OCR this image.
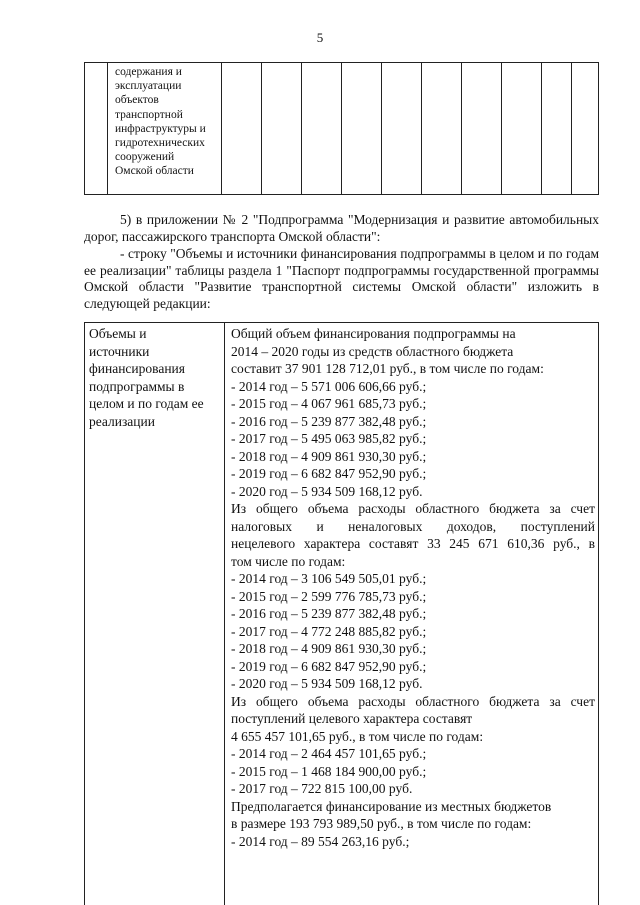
5
содержания и
эксплуатации
объектов
транспортной
инфраструктуры и
гидротехнических
сооружений
Омской области
5) в приложении № 2 "Подпрограмма "Модернизация и развитие автомобильных дорог, пассажирского транспорта Омской области":
- строку "Объемы и источники финансирования подпрограммы в целом и по годам ее реализации" таблицы раздела 1 "Паспорт подпрограммы государственной программы Омской области "Развитие транспортной системы Омской области" изложить в следующей редакции:
Объемы и
источники
финансирования
подпрограммы в
целом и по годам ее
реализации
Общий объем финансирования подпрограммы на
2014 – 2020 годы из средств областного бюджета
составит 37 901 128 712,01 руб., в том числе по годам:
- 2014 год – 5 571 006 606,66 руб.;
- 2015 год – 4 067 961 685,73 руб.;
- 2016 год – 5 239 877 382,48 руб.;
- 2017 год – 5 495 063 985,82 руб.;
- 2018 год – 4 909 861 930,30 руб.;
- 2019 год – 6 682 847 952,90 руб.;
- 2020 год – 5 934 509 168,12 руб.
Из общего объема расходы областного бюджета за счет
налоговых и неналоговых доходов, поступлений
нецелевого характера составят 33 245 671 610,36 руб., в
том числе по годам:
- 2014 год – 3 106 549 505,01 руб.;
- 2015 год – 2 599 776 785,73 руб.;
- 2016 год – 5 239 877 382,48 руб.;
- 2017 год – 4 772 248 885,82 руб.;
- 2018 год – 4 909 861 930,30 руб.;
- 2019 год – 6 682 847 952,90 руб.;
- 2020 год – 5 934 509 168,12 руб.
Из общего объема расходы областного бюджета за счет
поступлений целевого характера составят
4 655 457 101,65 руб., в том числе по годам:
- 2014 год – 2 464 457 101,65 руб.;
- 2015 год – 1 468 184 900,00 руб.;
- 2017 год – 722 815 100,00 руб.
Предполагается финансирование из местных бюджетов
в размере 193 793 989,50 руб., в том числе по годам:
- 2014 год – 89 554 263,16 руб.;
